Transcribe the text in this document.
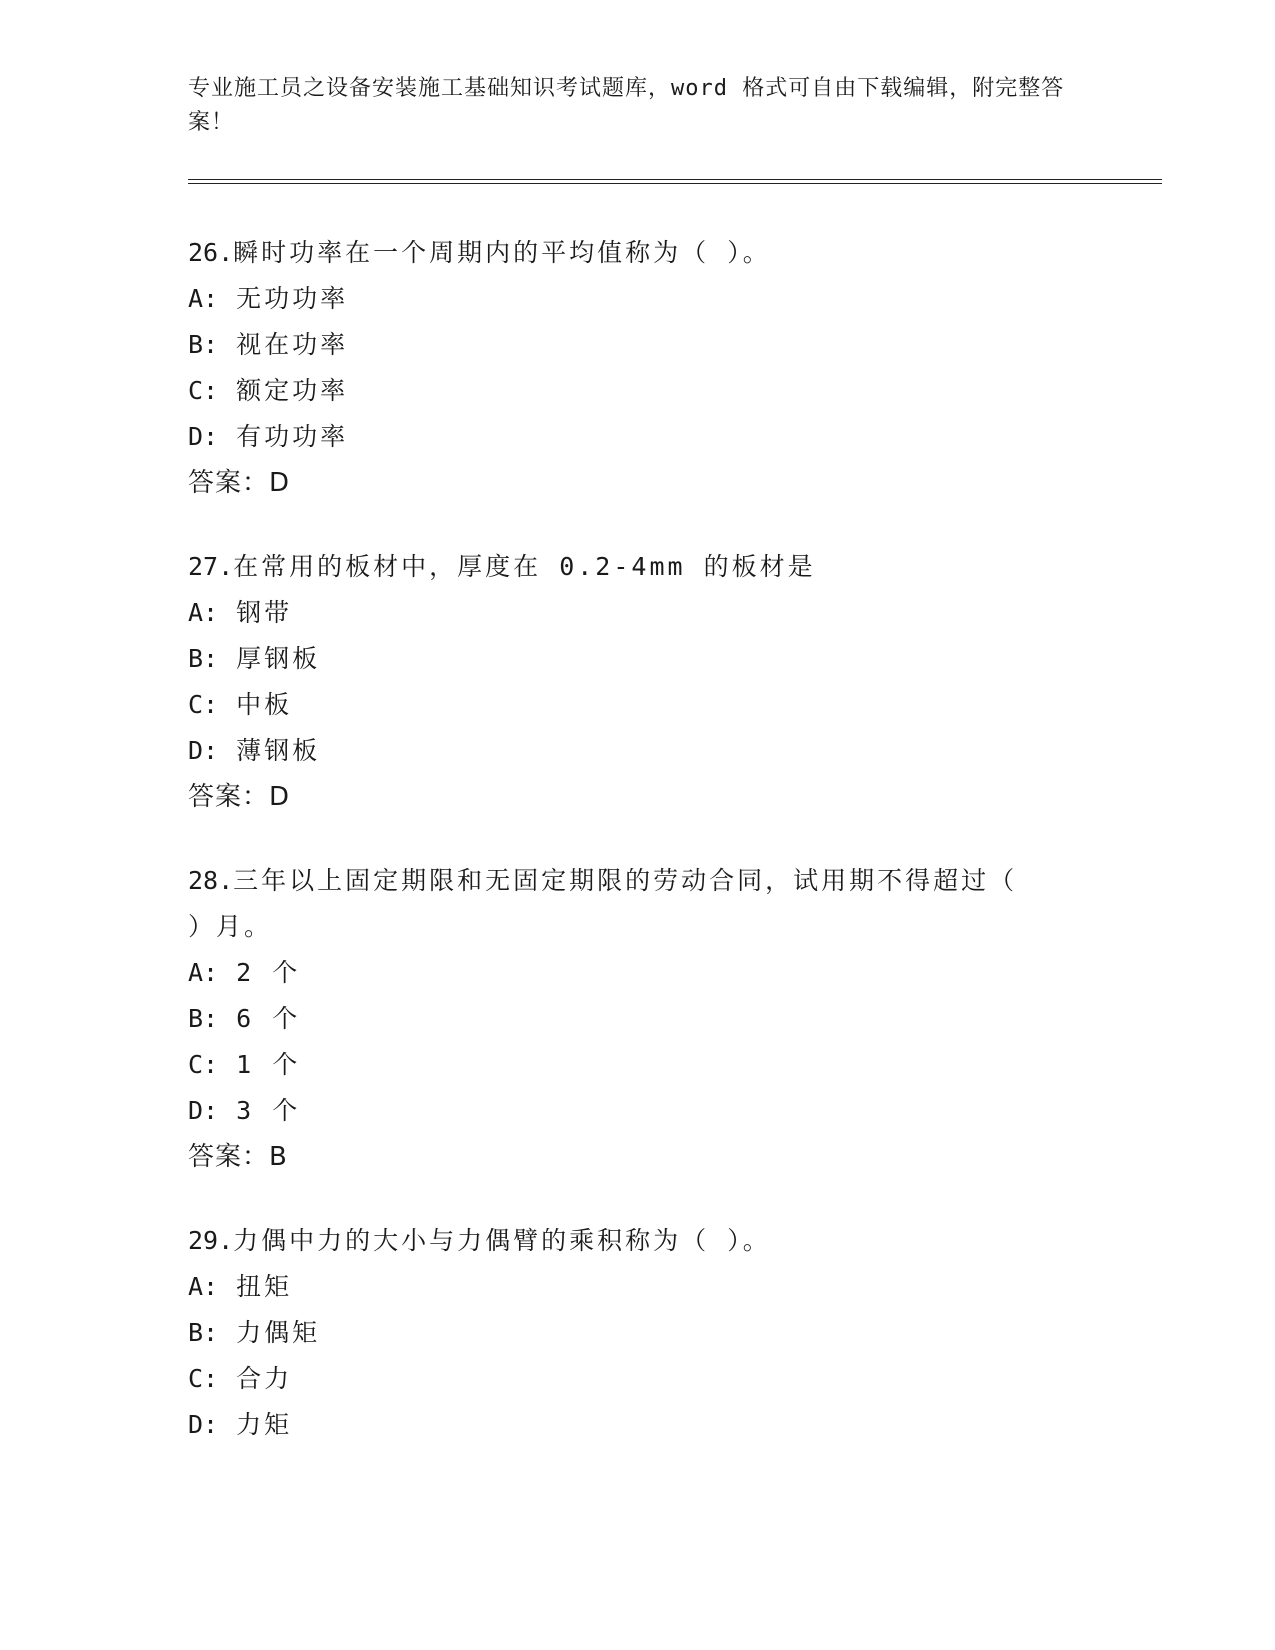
专业施工员之设备安装施工基础知识考试题库，word 格式可自由下载编辑，附完整答案！
26.瞬时功率在一个周期内的平均值称为（ ）。
A: 无功功率
B: 视在功率
C: 额定功率
D: 有功功率
答案：D
27.在常用的板材中，厚度在 0.2-4mm 的板材是
A: 钢带
B: 厚钢板
C: 中板
D: 薄钢板
答案：D
28.三年以上固定期限和无固定期限的劳动合同，试用期不得超过（
）月。
A: 2 个
B: 6 个
C: 1 个
D: 3 个
答案：B
29.力偶中力的大小与力偶臂的乘积称为（ ）。
A: 扭矩
B: 力偶矩
C: 合力
D: 力矩
